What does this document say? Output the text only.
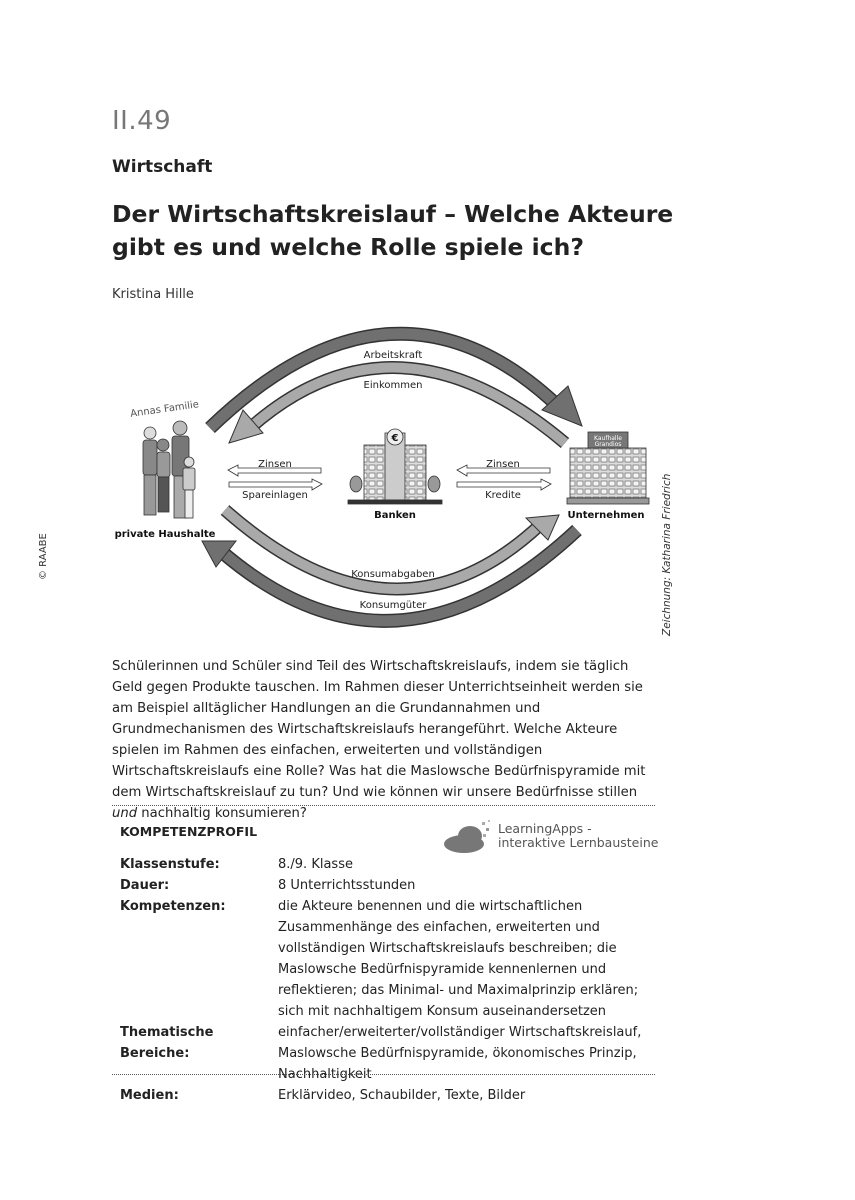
II.49
Wirtschaft
Der Wirtschaftskreislauf – Welche Akteure gibt es und welche Rolle spiele ich?
Kristina Hille
© RAABE	Zeichnung: Katharina Friedrich
Arbeitskraft
Einkommen
Konsumabgaben
Konsumgüter
Annas Familie
private Haushalte
Zinsen
Spareinlagen
€
Banken
Zinsen
Kredite
Kaufhalle
Grandios
Unternehmen
Schülerinnen und Schüler sind Teil des Wirtschaftskreislaufs, indem sie täglich Geld gegen Produkte tauschen. Im Rahmen dieser Unterrichtseinheit werden sie am Beispiel alltäglicher Handlungen an die Grundannahmen und Grundmechanismen des Wirtschaftskreislaufs herangeführt. Welche Akteure spielen im Rahmen des einfachen, erweiterten und vollständigen Wirtschaftskreislaufs eine Rolle? Was hat die Maslowsche Bedürfnispyramide mit dem Wirtschaftskreislauf zu tun? Und wie können wir unsere Bedürfnisse stillen und nachhaltig konsumieren?
LearningApps -
interaktive Lernbausteine
KOMPETENZPROFIL
Klassenstufe:	8./9. Klasse
Dauer:	8 Unterrichtsstunden
Kompetenzen:	die Akteure benennen und die wirtschaftlichen Zusammenhänge des einfachen, erweiterten und vollständigen Wirtschaftskreislaufs beschreiben; die Maslowsche Bedürfnispyramide kennenlernen und reflektieren; das Minimal- und Maximalprinzip erklären; sich mit nachhaltigem Konsum auseinandersetzen
Thematische Bereiche:
einfacher/erweiterter/vollständiger Wirtschaftskreislauf, Maslowsche Bedürfnispyramide, ökonomisches Prinzip, Nachhaltigkeit
Medien:	Erklärvideo, Schaubilder, Texte, Bilder
